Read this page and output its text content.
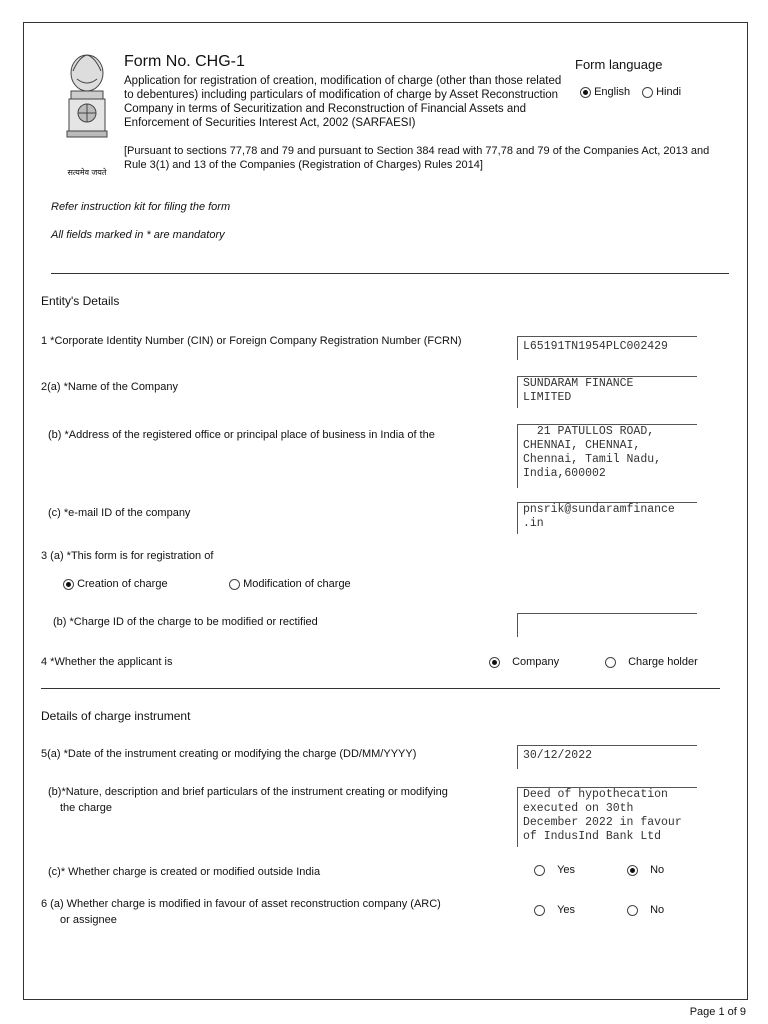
सत्यमेव जयते
Form No. CHG-1
Application for registration of creation, modification of charge (other than those related to debentures) including particulars of modification of charge by Asset Reconstruction Company in terms of Securitization and Reconstruction of Financial Assets and Enforcement of Securities Interest Act, 2002 (SARFAESI)
[Pursuant to sections 77,78 and 79 and pursuant to Section 384 read with 77,78 and 79 of the Companies Act, 2013 and Rule 3(1) and 13 of the Companies (Registration of Charges) Rules 2014]
Form language
English	Hindi
Refer instruction kit for filing the form
All fields marked in * are mandatory
Entity's Details
1 *Corporate Identity Number (CIN) or Foreign Company Registration Number (FCRN)	L65191TN1954PLC002429
2(a) *Name of the Company	SUNDARAM FINANCE
LIMITED
(b) *Address of the registered office or principal place of business in India of the	21 PATULLOS ROAD,
CHENNAI, CHENNAI,
Chennai, Tamil Nadu,
India,600002
(c) *e-mail ID of the company	pnsrik@sundaramfinance
.in
3 (a) *This form is for registration of
Creation of charge	Modification of charge
(b) *Charge ID of the charge to be modified or rectified
4 *Whether the applicant is	Company	Charge holder
Details of charge instrument
5(a) *Date of the instrument creating or modifying the charge (DD/MM/YYYY)	30/12/2022
(b)*Nature, description and brief particulars of the instrument creating or modifying
the charge
Deed of hypothecation
executed on 30th
December 2022 in favour
of IndusInd Bank Ltd
(c)* Whether charge is created or modified outside India	Yes	No
6 (a) Whether charge is modified in favour of asset reconstruction company (ARC)
or assignee
Yes	No
Page 1 of 9
